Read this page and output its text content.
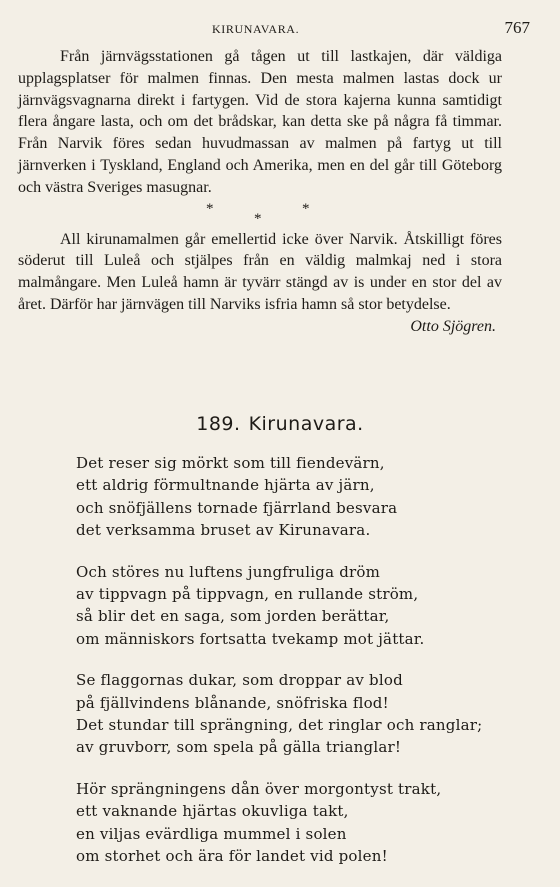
KIRUNAVARA.	767

Från järnvägsstationen gå tågen ut till lastkajen, där väldiga upplagsplatser för malmen finnas. Den mesta malmen lastas dock ur järnvägsvagnarna direkt i fartygen. Vid de stora kajerna kunna samtidigt flera ångare lasta, och om det brådskar, kan detta ske på några få timmar. Från Narvik föres sedan huvudmassan av malmen på fartyg ut till järnverken i Tyskland, England och Amerika, men en del går till Göteborg och västra Sveriges masugnar.

*
*
*

All kirunamalmen går emellertid icke över Narvik. Åtskilligt föres söderut till Luleå och stjälpes från en väldig malmkaj ned i stora malmångare. Men Luleå hamn är tyvärr stängd av is under en stor del av året. Därför har järnvägen till Narviks isfria hamn så stor betydelse.

Otto Sjögren.

189. Kirunavara.
Det reser sig mörkt som till fiendevärn,
ett aldrig förmultnande hjärta av järn,
och snöfjällens tornade fjärrland besvara
det verksamma bruset av Kirunavara.
Och störes nu luftens jungfruliga dröm
av tippvagn på tippvagn, en rullande ström,
så blir det en saga, som jorden berättar,
om människors fortsatta tvekamp mot jättar.
Se flaggornas dukar, som droppar av blod
på fjällvindens blånande, snöfriska flod!
Det stundar till sprängning, det ringlar och ranglar;
av gruvborr, som spela på gälla trianglar!
Hör sprängningens dån över morgontyst trakt,
ett vaknande hjärtas okuvliga takt,
en viljas evärdliga mummel i solen
om storhet och ära för landet vid polen!
